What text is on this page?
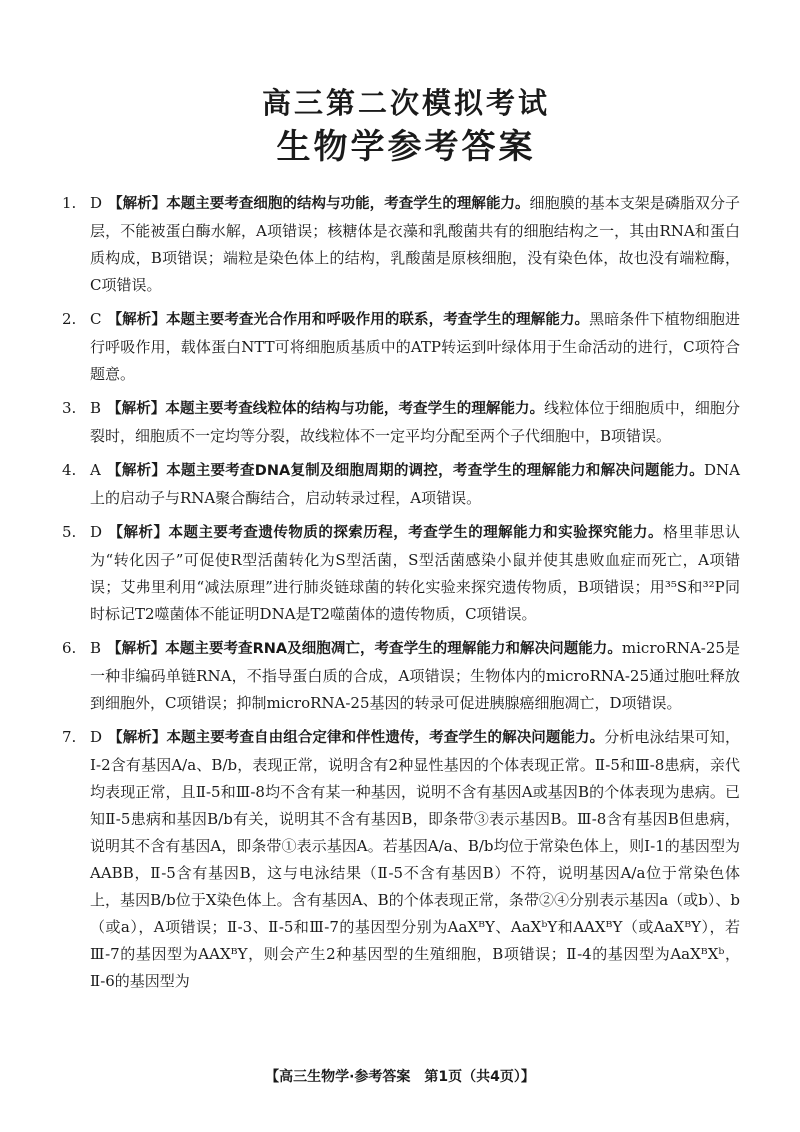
高三第二次模拟考试
生物学参考答案
1. D 【解析】本题主要考查细胞的结构与功能，考查学生的理解能力。细胞膜的基本支架是磷脂双分子层，不能被蛋白酶水解，A项错误；核糖体是衣藻和乳酸菌共有的细胞结构之一，其由RNA和蛋白质构成，B项错误；端粒是染色体上的结构，乳酸菌是原核细胞，没有染色体，故也没有端粒酶，C项错误。
2. C 【解析】本题主要考查光合作用和呼吸作用的联系，考查学生的理解能力。黑暗条件下植物细胞进行呼吸作用，载体蛋白NTT可将细胞质基质中的ATP转运到叶绿体用于生命活动的进行，C项符合题意。
3. B 【解析】本题主要考查线粒体的结构与功能，考查学生的理解能力。线粒体位于细胞质中，细胞分裂时，细胞质不一定均等分裂，故线粒体不一定平均分配至两个子代细胞中，B项错误。
4. A 【解析】本题主要考查DNA复制及细胞周期的调控，考查学生的理解能力和解决问题能力。DNA上的启动子与RNA聚合酶结合，启动转录过程，A项错误。
5. D 【解析】本题主要考查遗传物质的探索历程，考查学生的理解能力和实验探究能力。格里菲思认为“转化因子”可促使R型活菌转化为S型活菌，S型活菌感染小鼠并使其患败血症而死亡，A项错误；艾弗里利用“减法原理”进行肺炎链球菌的转化实验来探究遗传物质，B项错误；用³⁵S和³²P同时标记T2噬菌体不能证明DNA是T2噬菌体的遗传物质，C项错误。
6. B 【解析】本题主要考查RNA及细胞凋亡，考查学生的理解能力和解决问题能力。microRNA-25是一种非编码单链RNA，不指导蛋白质的合成，A项错误；生物体内的microRNA-25通过胞吐释放到细胞外，C项错误；抑制microRNA-25基因的转录可促进胰腺癌细胞凋亡，D项错误。
7. D 【解析】本题主要考查自由组合定律和伴性遗传，考查学生的解决问题能力。分析电泳结果可知，Ⅰ-2含有基因A/a、B/b，表现正常，说明含有2种显性基因的个体表现正常。Ⅱ-5和Ⅲ-8患病，亲代均表现正常，且Ⅱ-5和Ⅲ-8均不含有某一种基因，说明不含有基因A或基因B的个体表现为患病。已知Ⅱ-5患病和基因B/b有关，说明其不含有基因B，即条带③表示基因B。Ⅲ-8含有基因B但患病，说明其不含有基因A，即条带①表示基因A。若基因A/a、B/b均位于常染色体上，则Ⅰ-1的基因型为AABB，Ⅱ-5含有基因B，这与电泳结果（Ⅱ-5不含有基因B）不符，说明基因A/a位于常染色体上，基因B/b位于X染色体上。含有基因A、B的个体表现正常，条带②④分别表示基因a（或b）、b（或a），A项错误；Ⅱ-3、Ⅱ-5和Ⅲ-7的基因型分别为AaXᴮY、AaXᵇY和AAXᴮY（或AaXᴮY），若Ⅲ-7的基因型为AAXᴮY，则会产生2种基因型的生殖细胞，B项错误；Ⅱ-4的基因型为AaXᴮXᵇ，Ⅱ-6的基因型为
【高三生物学·参考答案　第1页（共4页）】
